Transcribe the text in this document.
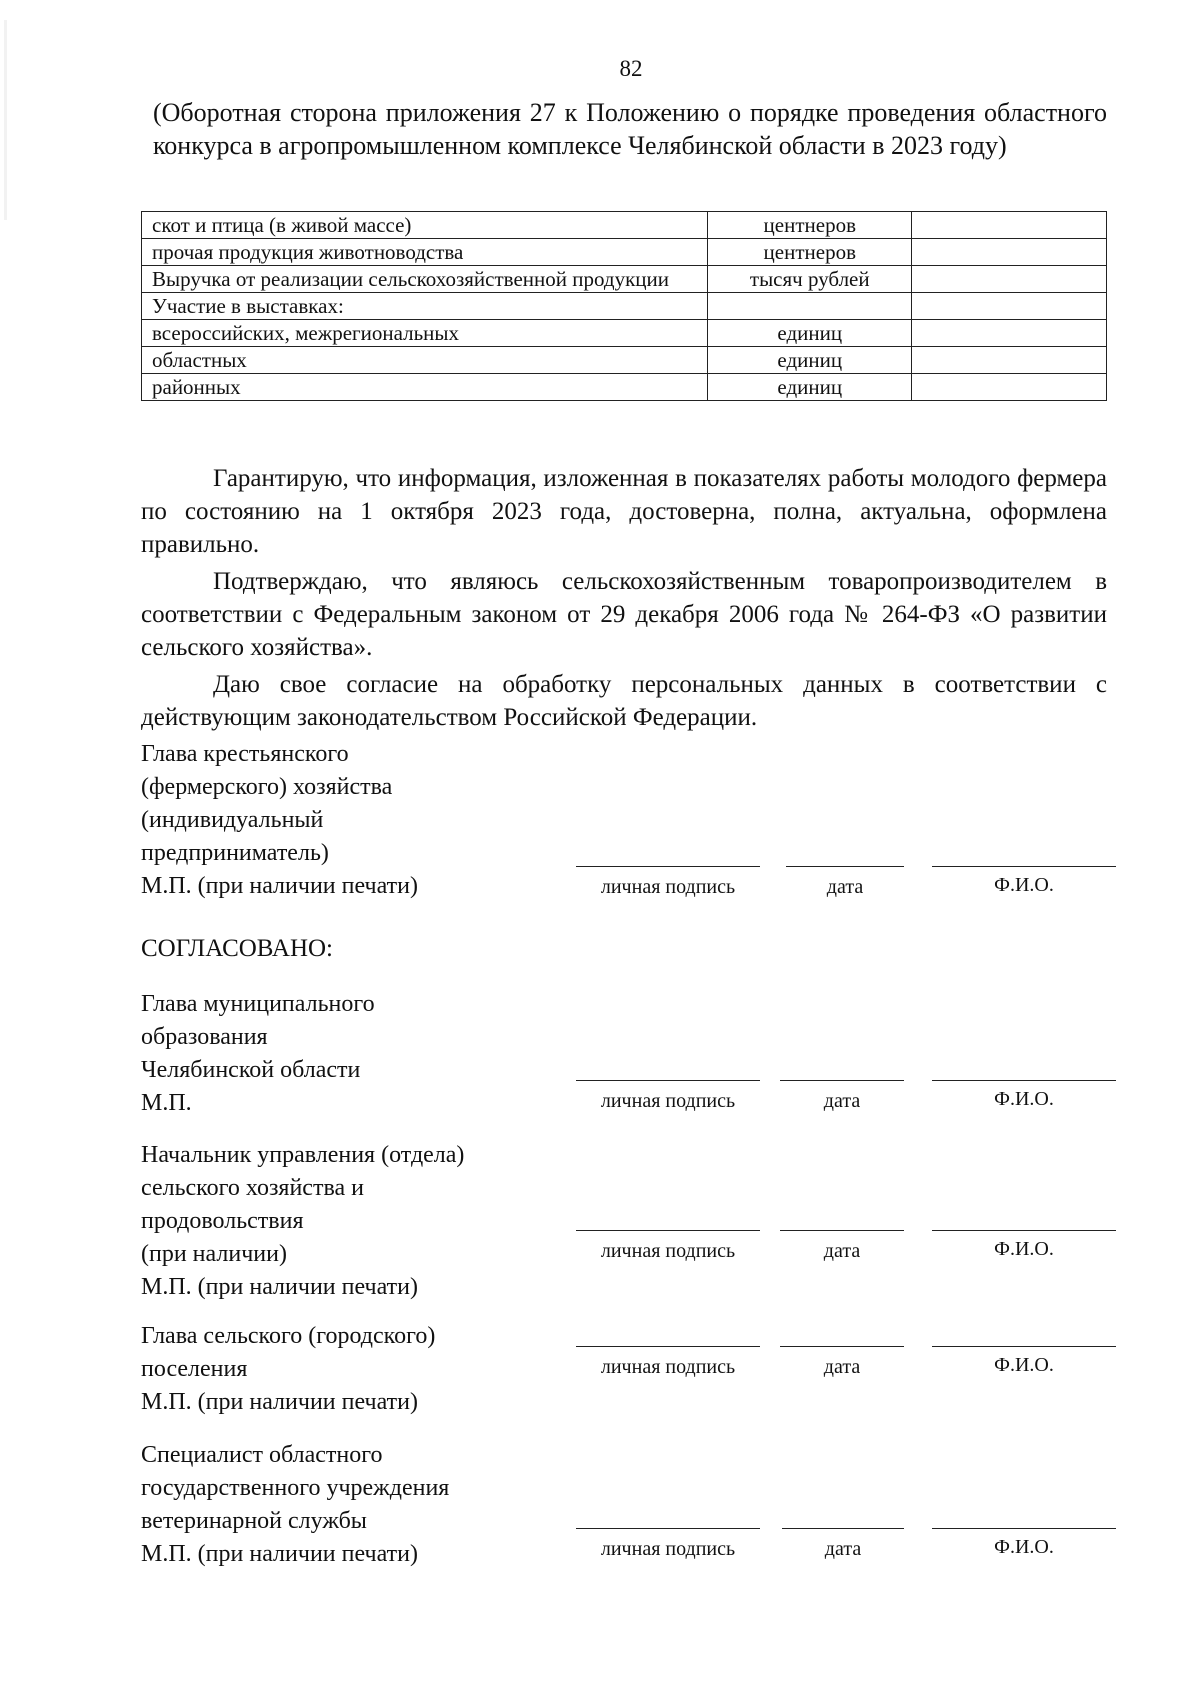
82
(Оборотная сторона приложения 27 к Положению о порядке проведения областного конкурса в агропромышленном комплексе Челябинской области в 2023 году)
скот и птица (в живой массе)	центнеров	
прочая продукция животноводства	центнеров	
Выручка от реализации сельскохозяйственной продукции	тысяч рублей	
Участие в выставках:		
всероссийских, межрегиональных	единиц	
областных	единиц	
районных	единиц	

Гарантирую, что информация, изложенная в показателях работы молодого фермера по состоянию на 1 октября 2023 года, достоверна, полна, актуальна, оформлена правильно.

Подтверждаю, что являюсь сельскохозяйственным товаропроизводителем в соответствии с Федеральным законом от 29 декабря 2006 года № 264-ФЗ «О развитии сельского хозяйства».

Даю свое согласие на обработку персональных данных в соответствии с действующим законодательством Российской Федерации.

Глава крестьянского
(фермерского) хозяйства
(индивидуальный
предприниматель)
М.П. (при наличии печати)	личная подпись	дата	Ф.И.О.
СОГЛАСОВАНО:
Глава муниципального
образования
Челябинской области
М.П.	личная подпись	дата	Ф.И.О.
Начальник управления (отдела)
сельского хозяйства и
продовольствия
(при наличии)
М.П. (при наличии печати)
личная подпись	дата	Ф.И.О.
Глава сельского (городского)
поселения
М.П. (при наличии печати)
личная подпись	дата	Ф.И.О.
Специалист областного
государственного учреждения
ветеринарной службы
М.П. (при наличии печати)	личная подпись	дата	Ф.И.О.
